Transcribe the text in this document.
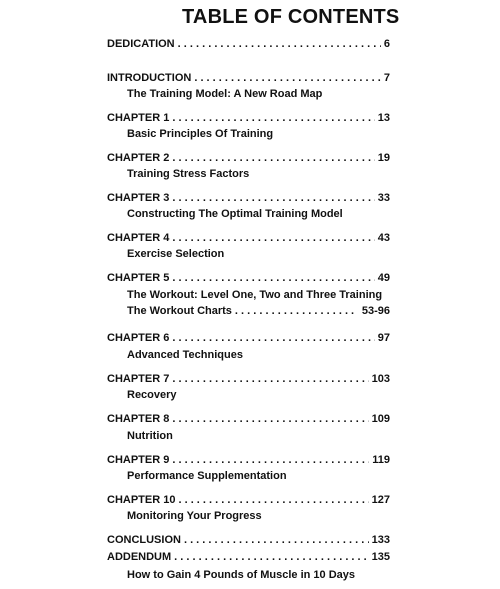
TABLE OF CONTENTS
DEDICATION . . .	6
INTRODUCTION . . .	7
The Training Model: A New Road Map
CHAPTER 1 . . .	13
Basic Principles Of Training
CHAPTER 2 . . .	19
Training Stress Factors
CHAPTER 3 . . .	33
Constructing The Optimal Training Model
CHAPTER 4 . . .	43
Exercise Selection
CHAPTER 5 . . .	49
The Workout: Level One, Two and Three Training
The Workout Charts . . .	53-96
CHAPTER 6 . . .	97
Advanced Techniques
CHAPTER 7 . . .	103
Recovery
CHAPTER 8 . . .	109
Nutrition
CHAPTER 9 . . .	119
Performance Supplementation
CHAPTER 10 . . .	127
Monitoring Your Progress
CONCLUSION . . .	133
ADDENDUM . . .	135
How to Gain 4 Pounds of Muscle in 10 Days
